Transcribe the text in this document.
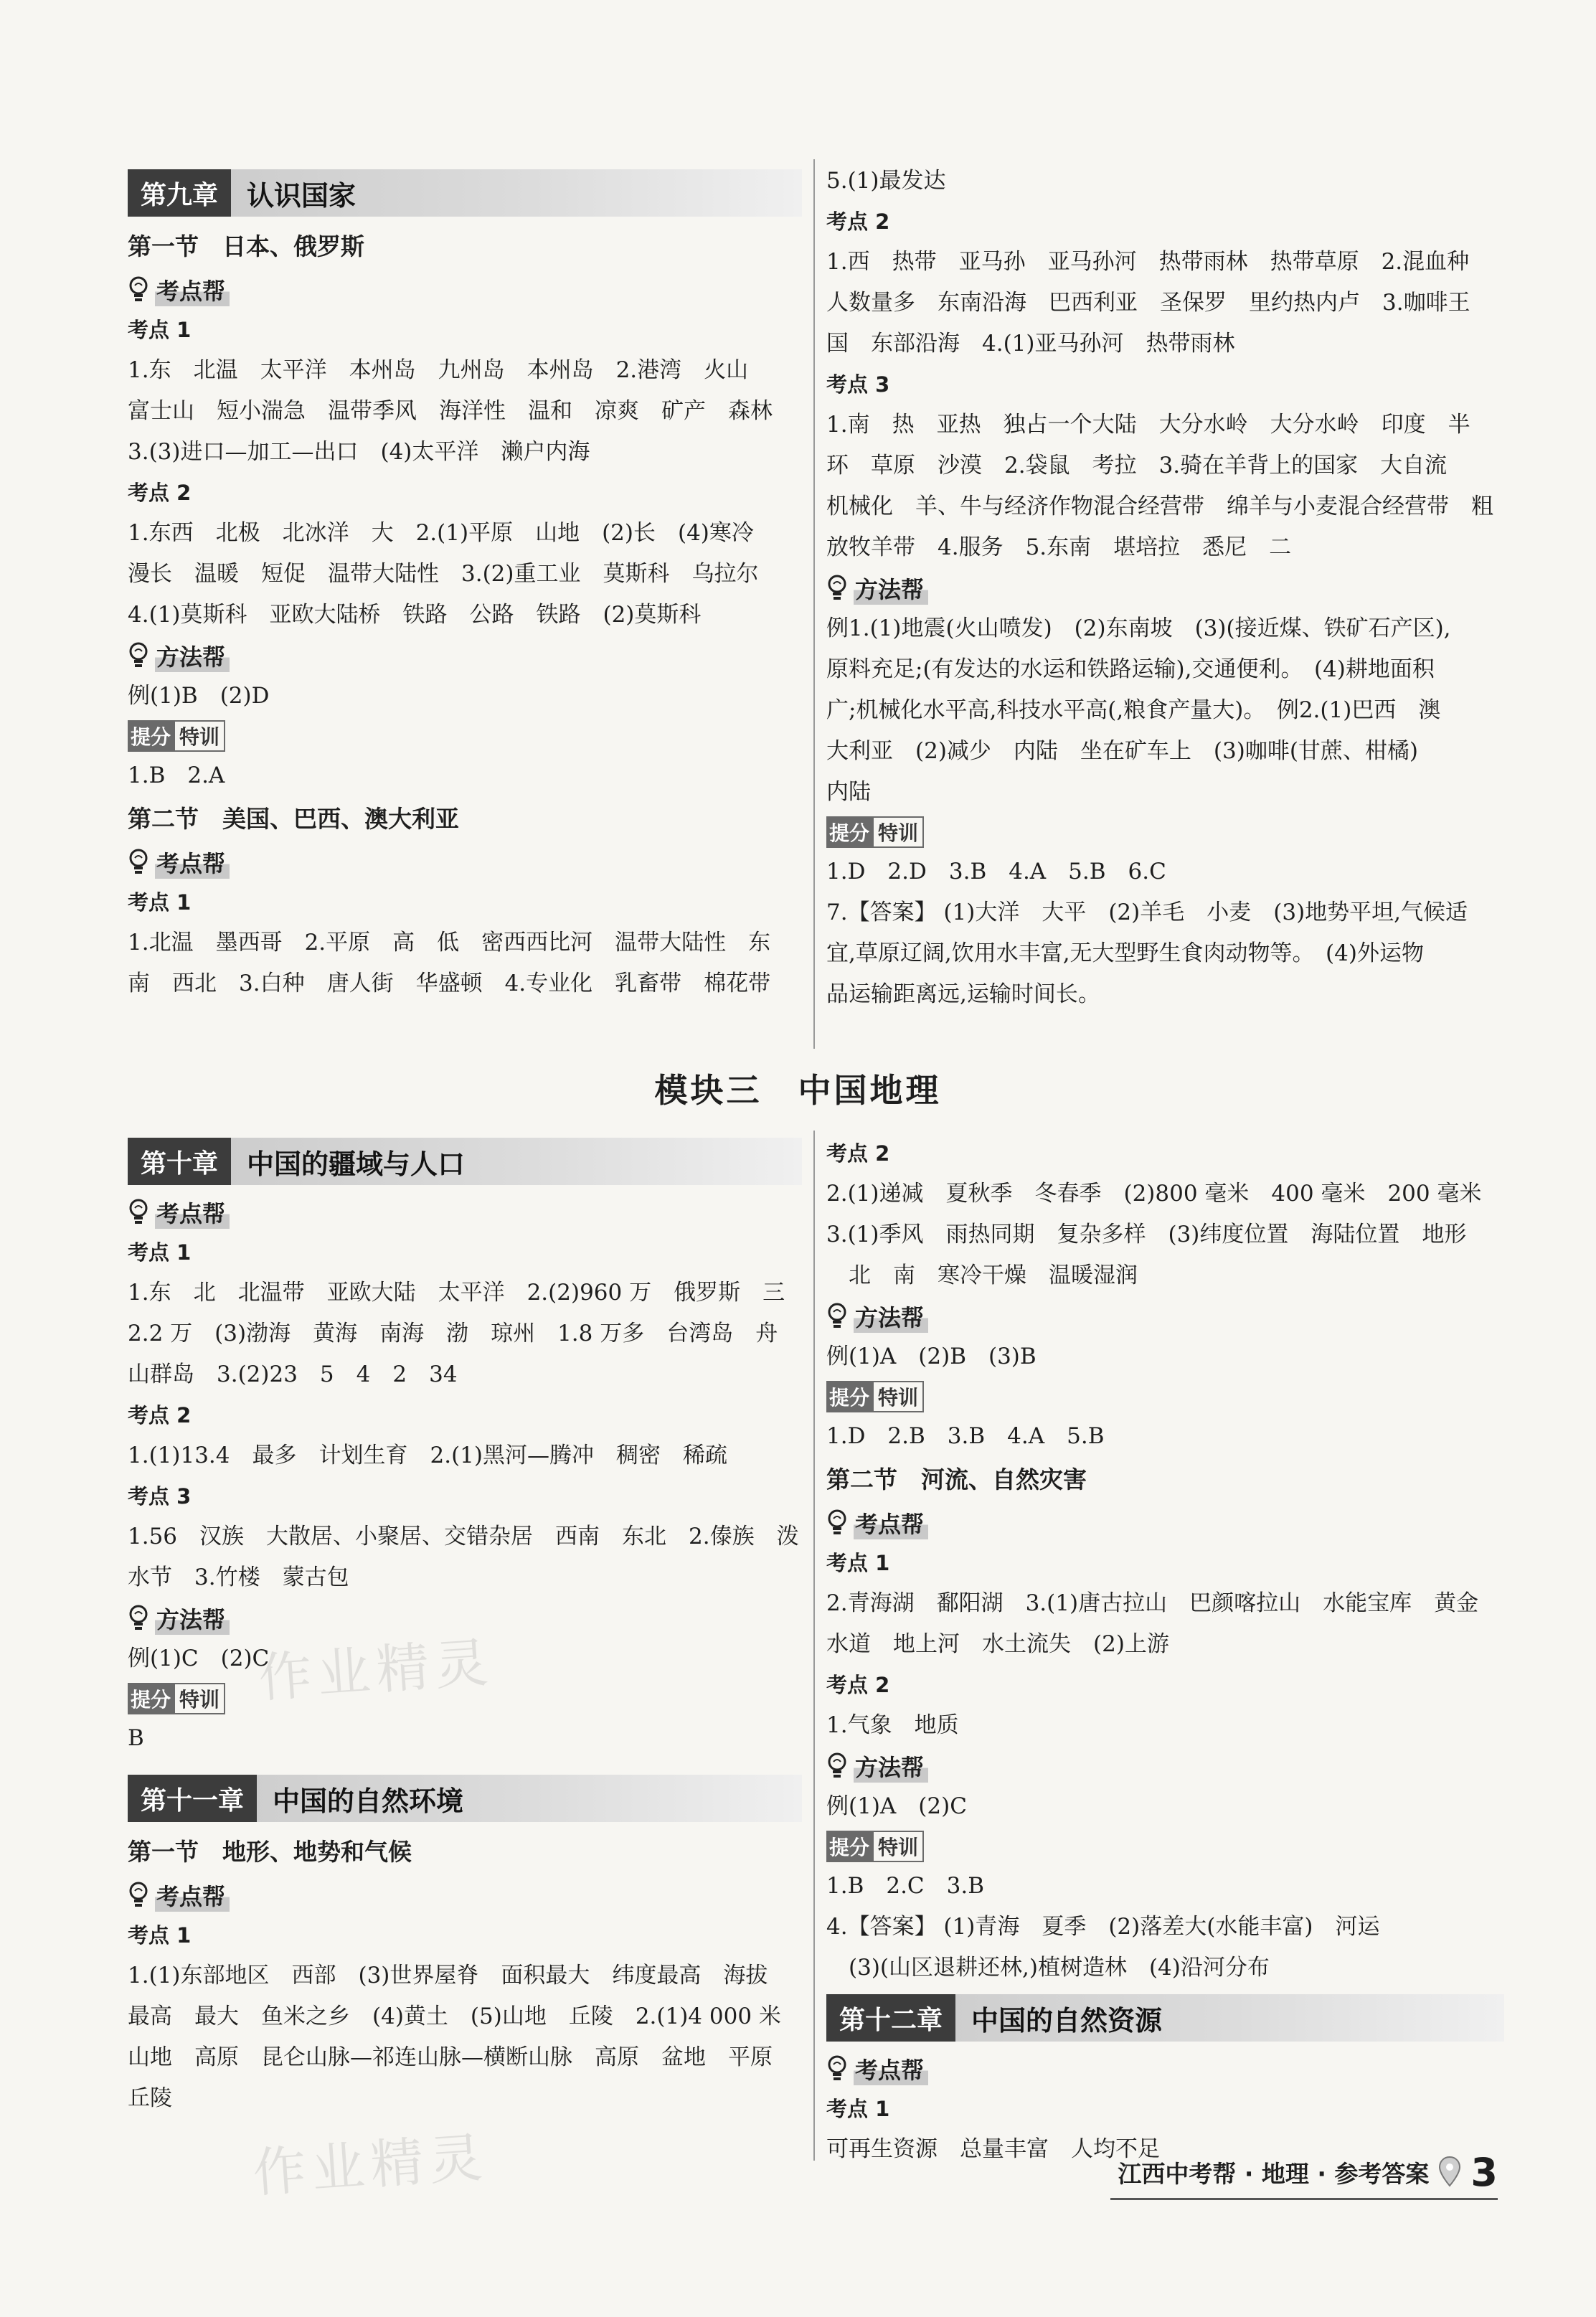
第九章	认识国家
第一节　日本、俄罗斯
考点帮
考点 1
1.东　北温　太平洋　本州岛　九州岛　本州岛　2.港湾　火山
富士山　短小湍急　温带季风　海洋性　温和　凉爽　矿产　森林
3.(3)进口—加工—出口　(4)太平洋　濑户内海
考点 2
1.东西　北极　北冰洋　大　2.(1)平原　山地　(2)长　(4)寒冷
漫长　温暖　短促　温带大陆性　3.(2)重工业　莫斯科　乌拉尔
4.(1)莫斯科　亚欧大陆桥　铁路　公路　铁路　(2)莫斯科
方法帮
例(1)B　(2)D
提分 特训
1.B　2.A
第二节　美国、巴西、澳大利亚
考点帮
考点 1
1.北温　墨西哥　2.平原　高　低　密西西比河　温带大陆性　东
南　西北　3.白种　唐人街　华盛顿　4.专业化　乳畜带　棉花带
5.(1)最发达
考点 2
1.西　热带　亚马孙　亚马孙河　热带雨林　热带草原　2.混血种
人数量多　东南沿海　巴西利亚　圣保罗　里约热内卢　3.咖啡王
国　东部沿海　4.(1)亚马孙河　热带雨林
考点 3
1.南　热　亚热　独占一个大陆　大分水岭　大分水岭　印度　半
环　草原　沙漠　2.袋鼠　考拉　3.骑在羊背上的国家　大自流
机械化　羊、牛与经济作物混合经营带　绵羊与小麦混合经营带　粗
放牧羊带　4.服务　5.东南　堪培拉　悉尼　二
方法帮
例1.(1)地震(火山喷发)　(2)东南坡　(3)(接近煤、铁矿石产区),
原料充足;(有发达的水运和铁路运输),交通便利。　(4)耕地面积
广;机械化水平高,科技水平高(,粮食产量大)。　例2.(1)巴西　澳
大利亚　(2)减少　内陆　坐在矿车上　(3)咖啡(甘蔗、柑橘)
内陆
提分 特训
1.D　2.D　3.B　4.A　5.B　6.C
7.【答案】 (1)大洋　大平　(2)羊毛　小麦　(3)地势平坦,气候适
宜,草原辽阔,饮用水丰富,无大型野生食肉动物等。　(4)外运物
品运输距离远,运输时间长。
模块三　中国地理
第十章	中国的疆域与人口
考点帮
考点 1
1.东　北　北温带　亚欧大陆　太平洋　2.(2)960 万　俄罗斯　三
2.2 万　(3)渤海　黄海　南海　渤　琼州　1.8 万多　台湾岛　舟
山群岛　3.(2)23　5　4　2　34
考点 2
1.(1)13.4　最多　计划生育　2.(1)黑河—腾冲　稠密　稀疏
考点 3
1.56　汉族　大散居、小聚居、交错杂居　西南　东北　2.傣族　泼
水节　3.竹楼　蒙古包
方法帮
例(1)C　(2)C
提分 特训
B
第十一章	中国的自然环境
第一节　地形、地势和气候
考点帮
考点 1
1.(1)东部地区　西部　(3)世界屋脊　面积最大　纬度最高　海拔
最高　最大　鱼米之乡　(4)黄土　(5)山地　丘陵　2.(1)4 000 米
山地　高原　昆仑山脉—祁连山脉—横断山脉　高原　盆地　平原
丘陵
考点 2
2.(1)递减　夏秋季　冬春季　(2)800 毫米　400 毫米　200 毫米
3.(1)季风　雨热同期　复杂多样　(3)纬度位置　海陆位置　地形
　北　南　寒冷干燥　温暖湿润
方法帮
例(1)A　(2)B　(3)B
提分 特训
1.D　2.B　3.B　4.A　5.B
第二节　河流、自然灾害
考点帮
考点 1
2.青海湖　鄱阳湖　3.(1)唐古拉山　巴颜喀拉山　水能宝库　黄金
水道　地上河　水土流失　(2)上游
考点 2
1.气象　地质
方法帮
例(1)A　(2)C
提分 特训
1.B　2.C　3.B
4.【答案】 (1)青海　夏季　(2)落差大(水能丰富)　河运
　(3)(山区退耕还林,)植树造林　(4)沿河分布
第十二章	中国的自然资源
考点帮
考点 1
可再生资源　总量丰富　人均不足
作业精灵
作业精灵	江西中考帮 · 地理 · 参考答案 3
